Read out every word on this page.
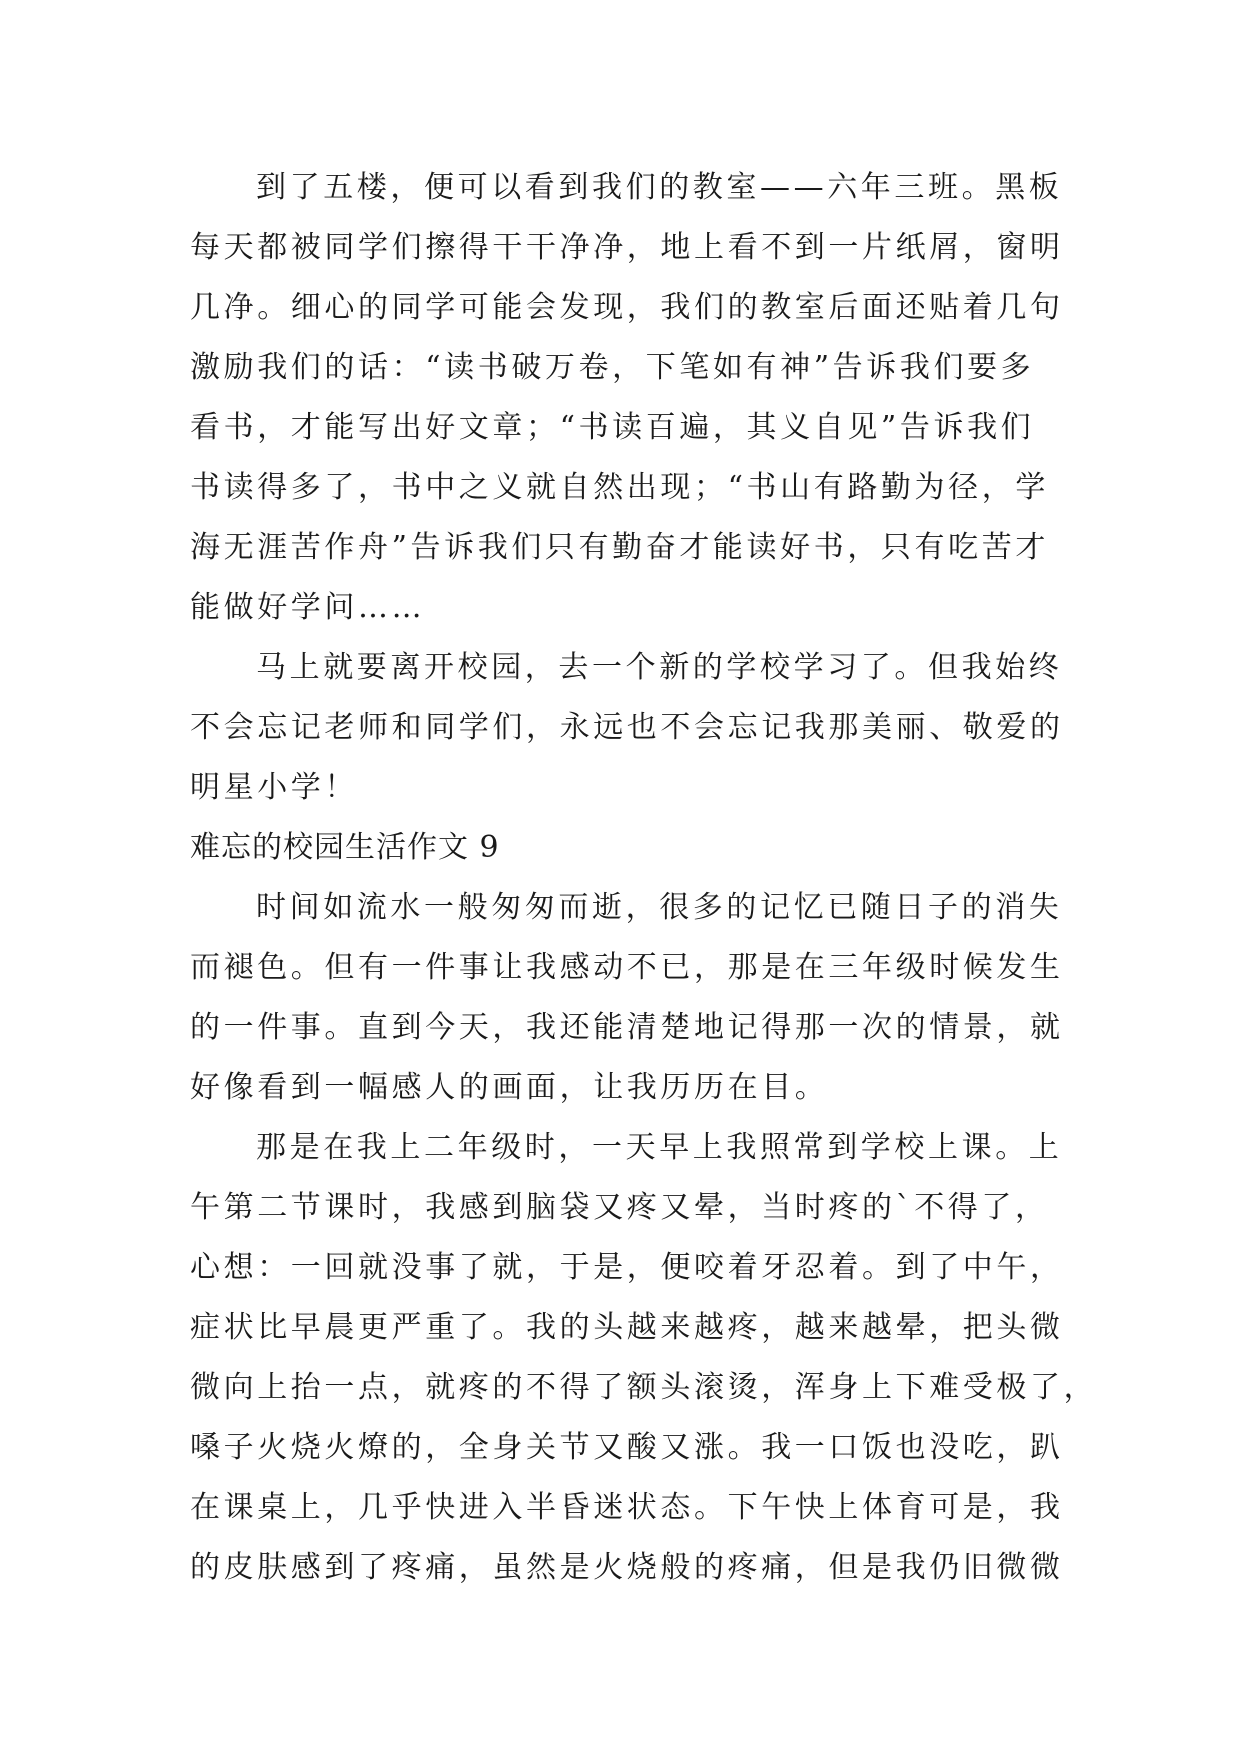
到了五楼，便可以看到我们的教室——六年三班。黑板
每天都被同学们擦得干干净净，地上看不到一片纸屑，窗明
几净。细心的同学可能会发现，我们的教室后面还贴着几句
激励我们的话：“读书破万卷，下笔如有神”告诉我们要多
看书，才能写出好文章；“书读百遍，其义自见”告诉我们
书读得多了，书中之义就自然出现；“书山有路勤为径，学
海无涯苦作舟”告诉我们只有勤奋才能读好书，只有吃苦才
能做好学问……
马上就要离开校园，去一个新的学校学习了。但我始终
不会忘记老师和同学们，永远也不会忘记我那美丽、敬爱的
明星小学！
难忘的校园生活作文 9
时间如流水一般匆匆而逝，很多的记忆已随日子的消失
而褪色。但有一件事让我感动不已，那是在三年级时候发生
的一件事。直到今天，我还能清楚地记得那一次的情景，就
好像看到一幅感人的画面，让我历历在目。
那是在我上二年级时，一天早上我照常到学校上课。上
午第二节课时，我感到脑袋又疼又晕，当时疼的`不得了，
心想：一回就没事了就，于是，便咬着牙忍着。到了中午，
症状比早晨更严重了。我的头越来越疼，越来越晕，把头微
微向上抬一点，就疼的不得了额头滚烫，浑身上下难受极了，
嗓子火烧火燎的，全身关节又酸又涨。我一口饭也没吃，趴
在课桌上，几乎快进入半昏迷状态。下午快上体育可是，我
的皮肤感到了疼痛，虽然是火烧般的疼痛，但是我仍旧微微
